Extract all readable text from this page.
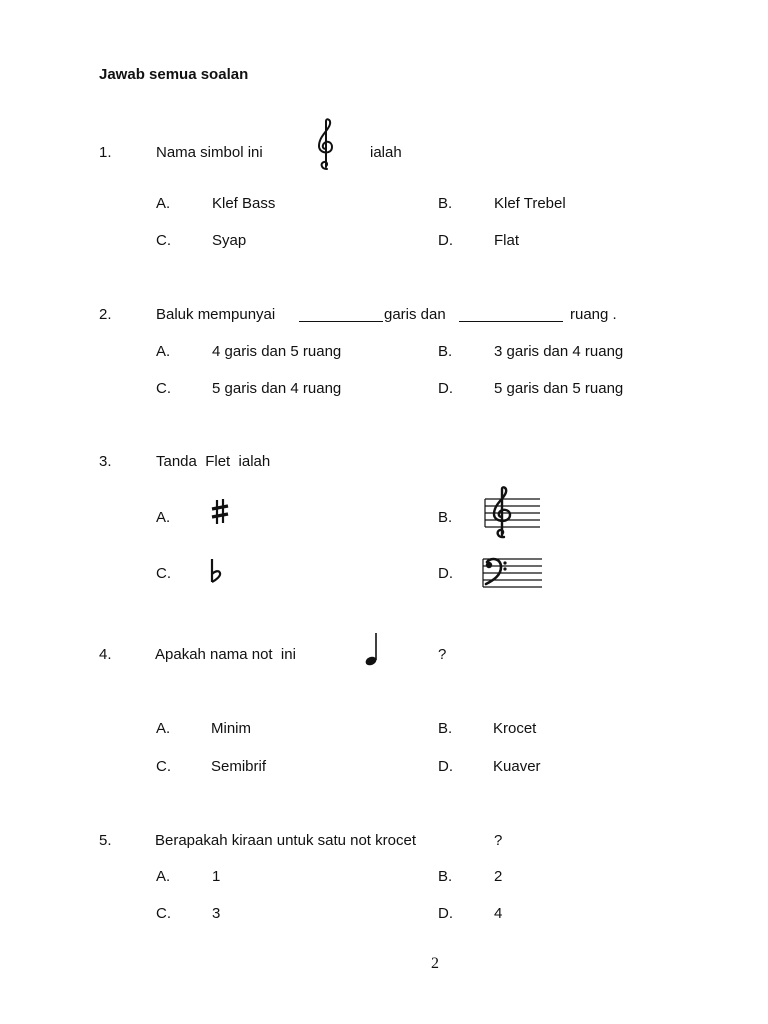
Jawab semua soalan
1.	Nama simbol ini	ialah
A.	Klef Bass	B.	Klef Trebel
C.	Syap	D.	Flat
2.	Baluk mempunyai	garis dan	ruang .
A.	4 garis dan 5 ruang	B.	3 garis dan 4 ruang
C.	5 garis dan 4 ruang	D.	5 garis dan 5 ruang
3.	Tanda  Flet  ialah
A.	B.
C.	D.
4.	Apakah nama not  ini	?
A.	Minim	B.	Krocet
C.	Semibrif	D.	Kuaver
5.	Berapakah kiraan untuk satu not krocet	?
A.	1	B.	2
C.	3	D.	4
2
